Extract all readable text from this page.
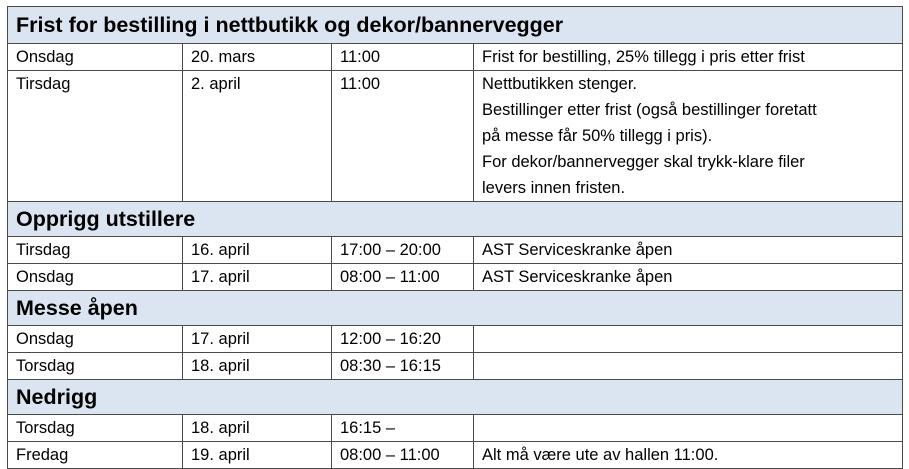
Frist for bestilling i nettbutikk og dekor/bannervegger			
Onsdag	20. mars	11:00	Frist for bestilling, 25% tillegg i pris etter frist
Tirsdag	2. april	11:00	Nettbutikken stenger.
Bestillinger etter frist (også bestillinger foretatt
på messe får 50% tillegg i pris).
For dekor/bannervegger skal trykk-klare filer
levers innen fristen.

Opprigg utstillere			
Tirsdag	16. april	17:00 – 20:00	AST Serviceskranke åpen
Onsdag	17. april	08:00 – 11:00	AST Serviceskranke åpen
Messe åpen			
Onsdag	17. april	12:00 – 16:20	
Torsdag	18. april	08:30 – 16:15	
Nedrigg			
Torsdag	18. april	16:15 –	
Fredag	19. april	08:00 – 11:00	Alt må være ute av hallen 11:00.
